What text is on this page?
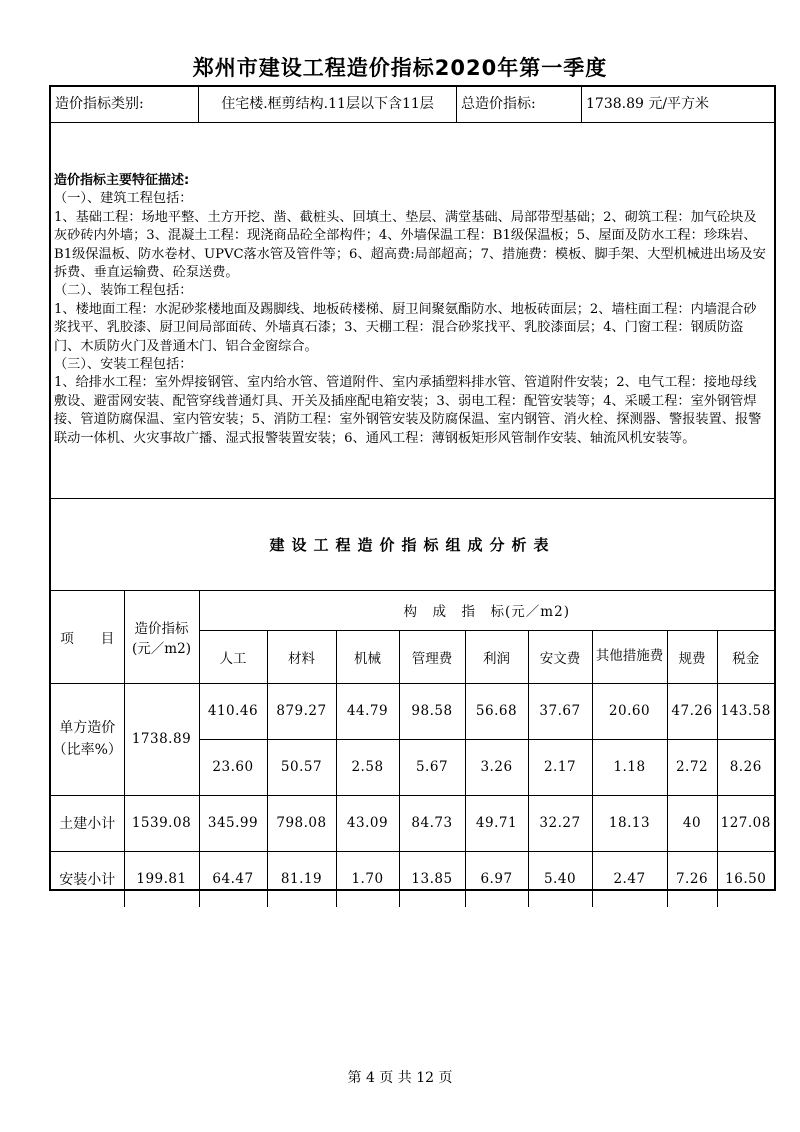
郑州市建设工程造价指标2020年第一季度
造价指标类别:	住宅楼.框剪结构.11层以下含11层	总造价指标:	1738.89 元/平方米

造价指标主要特征描述:

（一）、建筑工程包括：

1、基础工程：场地平整、土方开挖、凿、截桩头、回填土、垫层、满堂基础、局部带型基础；2、砌筑工程：加气砼块及灰砂砖内外墙；3、混凝土工程：现浇商品砼全部构件；4、外墙保温工程：B1级保温板；5、屋面及防水工程：珍珠岩、B1级保温板、防水卷材、UPVC落水管及管件等；6、超高费:局部超高；7、措施费：模板、脚手架、大型机械进出场及安拆费、垂直运输费、砼泵送费。

（二）、装饰工程包括：

1、楼地面工程：水泥砂浆楼地面及踢脚线、地板砖楼梯、厨卫间聚氨酯防水、地板砖面层；2、墙柱面工程：内墙混合砂浆找平、乳胶漆、厨卫间局部面砖、外墙真石漆；3、天棚工程：混合砂浆找平、乳胶漆面层；4、门窗工程：钢质防盗门、木质防火门及普通木门、铝合金窗综合。

（三）、安装工程包括：

1、给排水工程：室外焊接钢管、室内给水管、管道附件、室内承插塑料排水管、管道附件安装；2、电气工程：接地母线敷设、避雷网安装、配管穿线普通灯具、开关及插座配电箱安装；3、弱电工程：配管安装等；4、采暖工程：室外钢管焊接、管道防腐保温、室内管安装；5、消防工程：室外钢管安装及防腐保温、室内钢管、消火栓、探测器、警报装置、报警联动一体机、火灾事故广播、湿式报警装置安装；6、通风工程：薄钢板矩形风管制作安装、轴流风机安装等。

建设工程造价指标组成分析表
项　　目	造价指标(元／m2)	构　成　指　标(元／m2)								
		人工	材料	机械	管理费	利润	安文费	其他措施费	规费	税金
单方造价（比率%）	1738.89	410.46	879.27	44.79	98.58	56.68	37.67	20.60	47.26	143.58
		23.60	50.57	2.58	5.67	3.26	2.17	1.18	2.72	8.26
土建小计	1539.08	345.99	798.08	43.09	84.73	49.71	32.27	18.13	40	127.08
安装小计	199.81	64.47	81.19	1.70	13.85	6.97	5.40	2.47	7.26	16.50
第 4 页 共 12 页
